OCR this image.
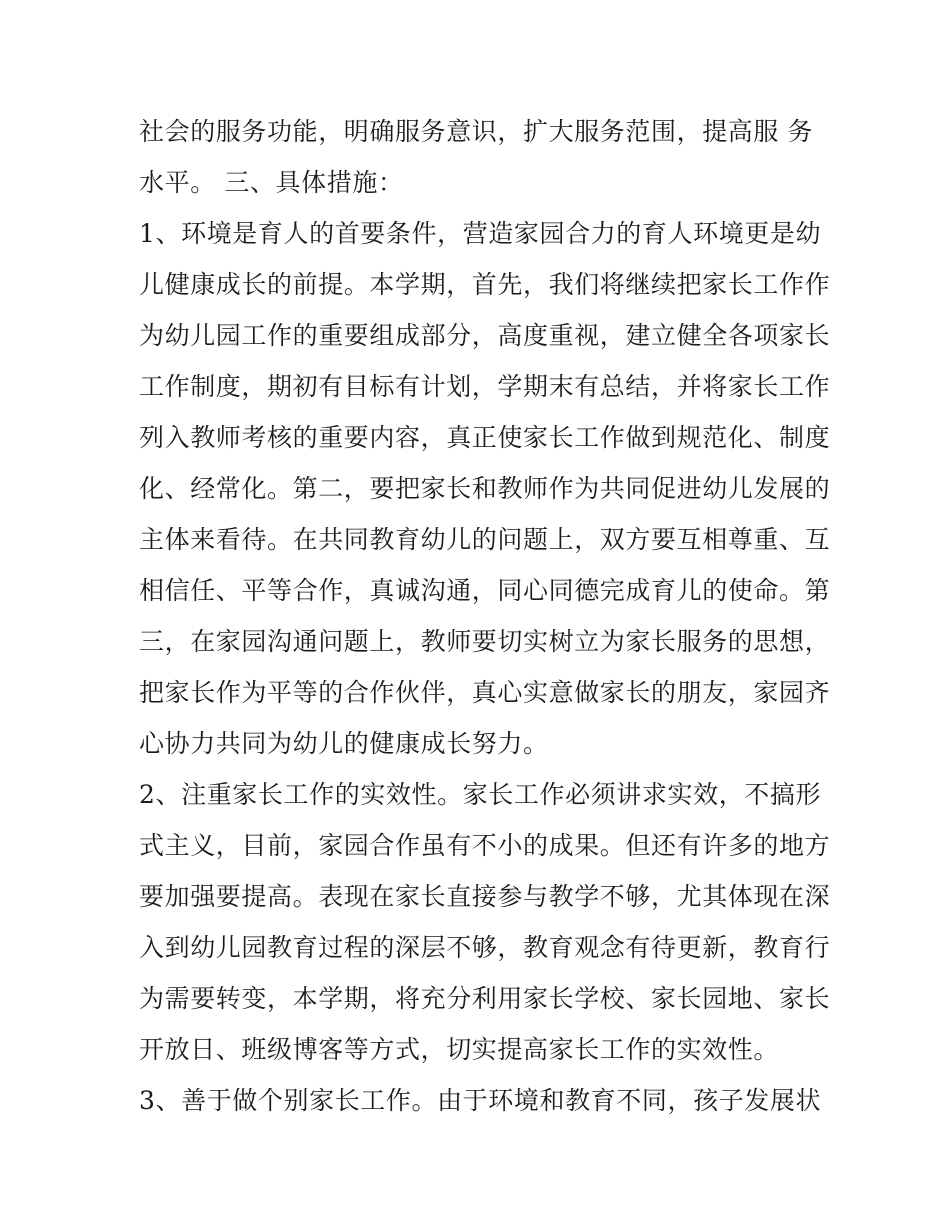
社会的服务功能，明确服务意识，扩大服务范围，提高服 务
水平。 三、具体措施：
1、环境是育人的首要条件，营造家园合力的育人环境更是幼
儿健康成长的前提。本学期，首先，我们将继续把家长工作作
为幼儿园工作的重要组成部分，高度重视，建立健全各项家长
工作制度，期初有目标有计划，学期末有总结，并将家长工作
列入教师考核的重要内容，真正使家长工作做到规范化、制度
化、经常化。第二，要把家长和教师作为共同促进幼儿发展的
主体来看待。在共同教育幼儿的问题上，双方要互相尊重、互
相信任、平等合作，真诚沟通，同心同德完成育儿的使命。第
三，在家园沟通问题上，教师要切实树立为家长服务的思想，
把家长作为平等的合作伙伴，真心实意做家长的朋友，家园齐
心协力共同为幼儿的健康成长努力。
2、注重家长工作的实效性。家长工作必须讲求实效，不搞形
式主义，目前，家园合作虽有不小的成果。但还有许多的地方
要加强要提高。表现在家长直接参与教学不够，尤其体现在深
入到幼儿园教育过程的深层不够，教育观念有待更新，教育行
为需要转变，本学期，将充分利用家长学校、家长园地、家长
开放日、班级博客等方式，切实提高家长工作的实效性。
3、善于做个别家长工作。由于环境和教育不同，孩子发展状
